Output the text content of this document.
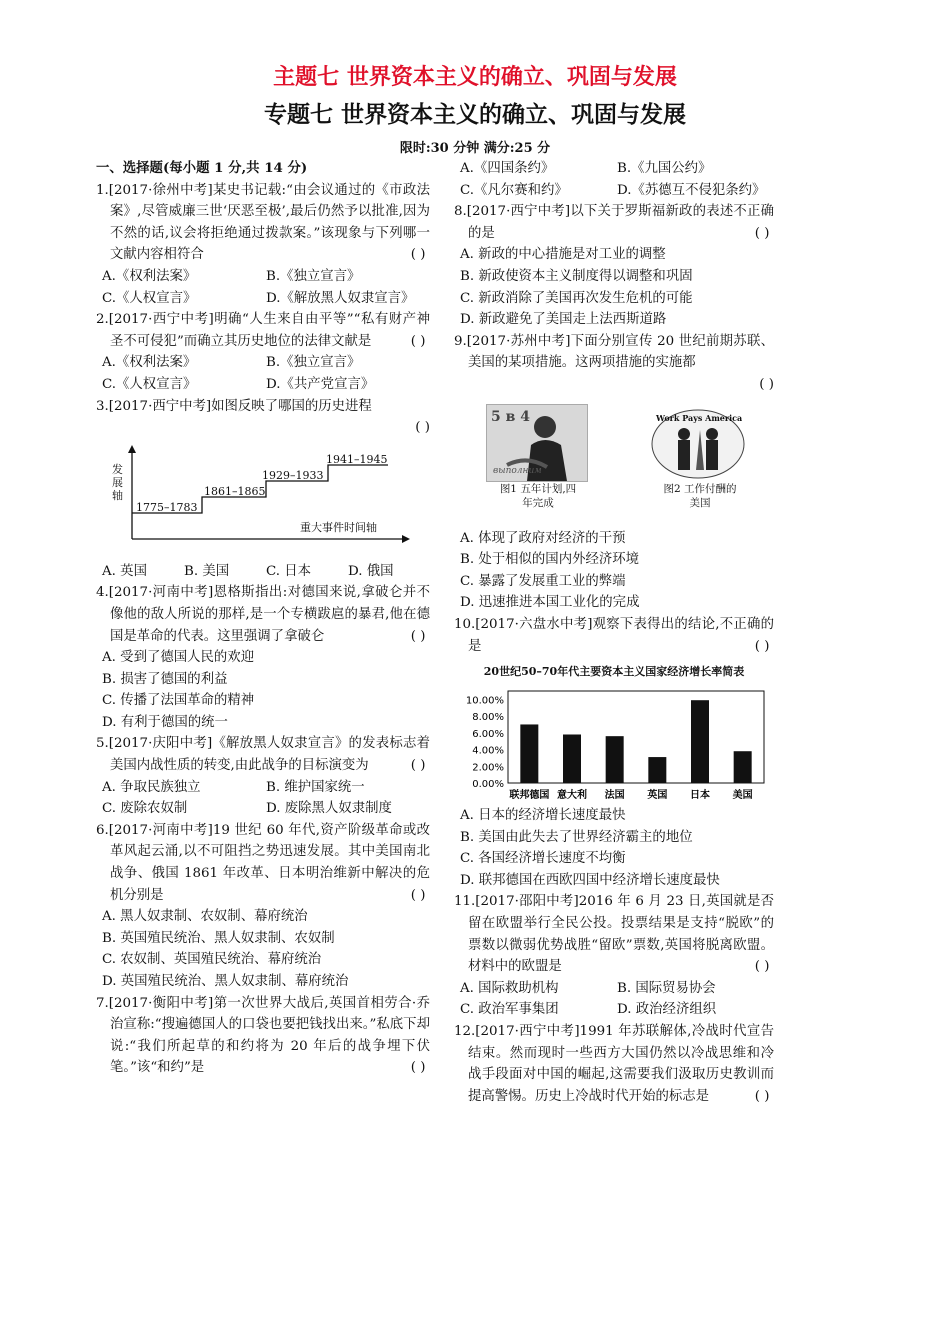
主题七 世界资本主义的确立、巩固与发展
专题七 世界资本主义的确立、巩固与发展
限时:30 分钟 满分:25 分

一、选择题(每小题 1 分,共 14 分)

1.[2017·徐州中考]某史书记载:“由会议通过的《市政法案》,尽管威廉三世‘厌恶至极’,最后仍然予以批准,因为不然的话,议会将拒绝通过拨款案。”该现象与下列哪一文献内容相符合	( )

A.《权利法案》	B.《独立宣言》
C.《人权宣言》	D.《解放黑人奴隶宣言》

2.[2017·西宁中考]明确“人生来自由平等”“私有财产神圣不可侵犯”而确立其历史地位的法律文献是	( )

A.《权利法案》	B.《独立宣言》
C.《人权宣言》	D.《共产党宣言》

3.[2017·西宁中考]如图反映了哪国的历史进程

( )

发展轴
1775–1783
1861–1865
1929–1933
1941–1945
重大事件时间轴
A. 英国	B. 美国	C. 日本	D. 俄国

4.[2017·河南中考]恩格斯指出:对德国来说,拿破仑并不像他的敌人所说的那样,是一个专横跋扈的暴君,他在德国是革命的代表。这里强调了拿破仑	( )

A. 受到了德国人民的欢迎

B. 损害了德国的利益

C. 传播了法国革命的精神

D. 有利于德国的统一

5.[2017·庆阳中考]《解放黑人奴隶宣言》的发表标志着美国内战性质的转变,由此战争的目标演变为	( )

A. 争取民族独立	B. 维护国家统一
C. 废除农奴制	D. 废除黑人奴隶制度

6.[2017·河南中考]19 世纪 60 年代,资产阶级革命或改革风起云涌,以不可阻挡之势迅速发展。其中美国南北战争、俄国 1861 年改革、日本明治维新中解决的危机分别是	( )

A. 黑人奴隶制、农奴制、幕府统治

B. 英国殖民统治、黑人奴隶制、农奴制

C. 农奴制、英国殖民统治、幕府统治

D. 英国殖民统治、黑人奴隶制、幕府统治

7.[2017·衡阳中考]第一次世界大战后,英国首相劳合·乔治宣称:“搜遍德国人的口袋也要把钱找出来。”私底下却说:“我们所起草的和约将为 20 年后的战争埋下伏笔。”该“和约”是	( )

A.《四国条约》	B.《九国公约》
C.《凡尔赛和约》	D.《苏德互不侵犯条约》

8.[2017·西宁中考]以下关于罗斯福新政的表述不正确的是	( )

A. 新政的中心措施是对工业的调整

B. 新政使资本主义制度得以调整和巩固

C. 新政消除了美国再次发生危机的可能

D. 新政避免了美国走上法西斯道路

9.[2017·苏州中考]下面分别宣传 20 世纪前期苏联、美国的某项措施。这两项措施的实施都

( )

5 в 4
выполним
Work Pays America
图1 五年计划,四年完成
图2 工作付酬的美国

A. 体现了政府对经济的干预

B. 处于相似的国内外经济环境

C. 暴露了发展重工业的弊端

D. 迅速推进本国工业化的完成

10.[2017·六盘水中考]观察下表得出的结论,不正确的是	( )

20世纪50–70年代主要资本主义国家经济增长率简表
0.00%
2.00%
4.00%
6.00%
8.00%
10.00%
联邦德国 意大利 法国 英国 日本 美国

A. 日本的经济增长速度最快

B. 美国由此失去了世界经济霸主的地位

C. 各国经济增长速度不均衡

D. 联邦德国在西欧四国中经济增长速度最快

11.[2017·邵阳中考]2016 年 6 月 23 日,英国就是否留在欧盟举行全民公投。投票结果是支持“脱欧”的票数以微弱优势战胜“留欧”票数,英国将脱离欧盟。材料中的欧盟是	( )

A. 国际救助机构	B. 国际贸易协会
C. 政治军事集团	D. 政治经济组织

12.[2017·西宁中考]1991 年苏联解体,冷战时代宣告结束。然而现时一些西方大国仍然以冷战思维和冷战手段面对中国的崛起,这需要我们汲取历史教训而提高警惕。历史上冷战时代开始的标志是	( )
